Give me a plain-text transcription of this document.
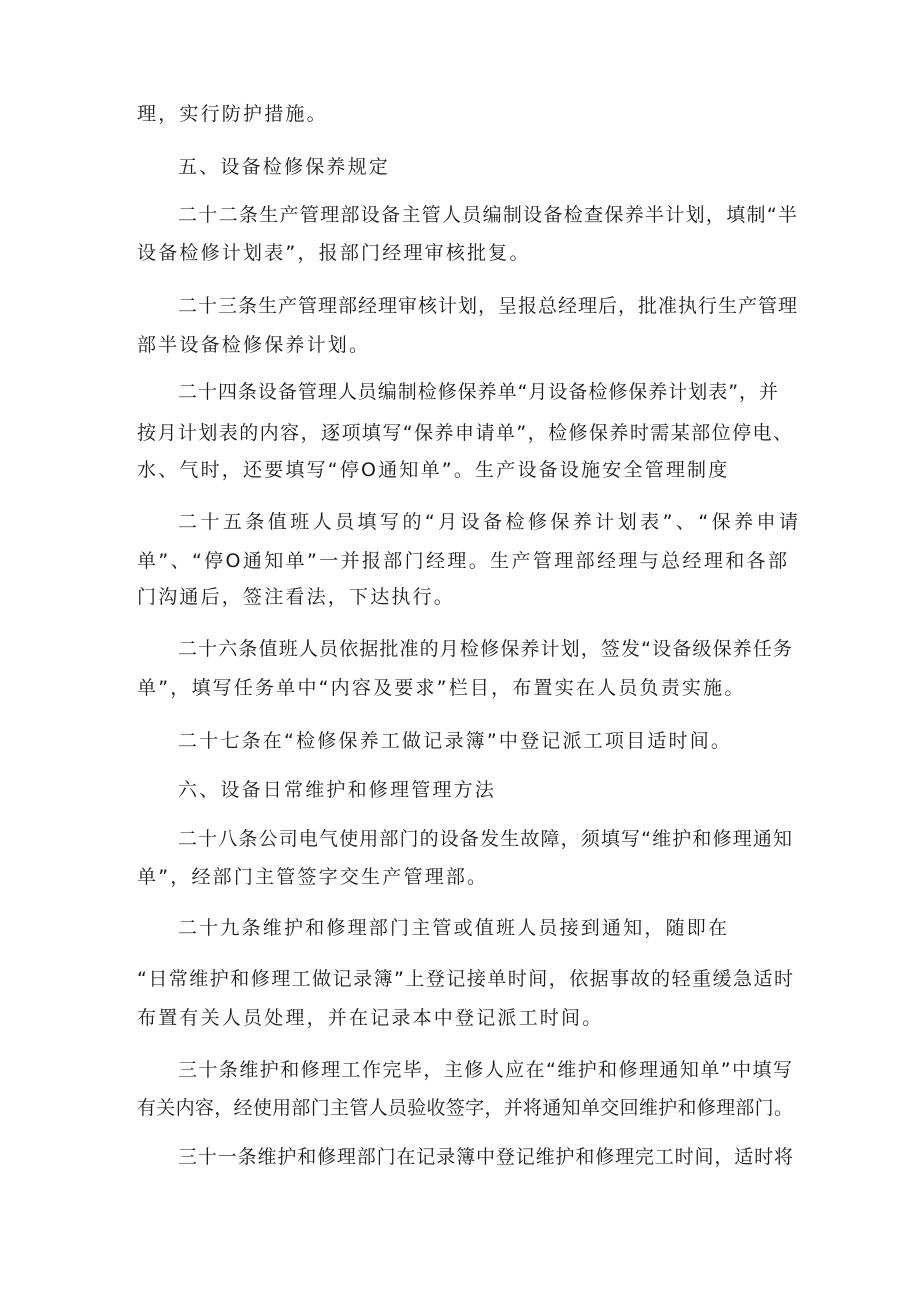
理，实行防护措施。
五、设备检修保养规定
二十二条生产管理部设备主管人员编制设备检查保养半计划，填制“半
设备检修计划表”，报部门经理审核批复。
二十三条生产管理部经理审核计划，呈报总经理后，批准执行生产管理
部半设备检修保养计划。
二十四条设备管理人员编制检修保养单“月设备检修保养计划表”，并
按月计划表的内容，逐项填写“保养申请单”，检修保养时需某部位停电、
水、气时，还要填写“停O通知单”。生产设备设施安全管理制度
二十五条值班人员填写的“月设备检修保养计划表”、“保养申请
单”、“停O通知单”一并报部门经理。生产管理部经理与总经理和各部
门沟通后，签注看法，下达执行。
二十六条值班人员依据批准的月检修保养计划，签发“设备级保养任务
单”，填写任务单中“内容及要求”栏目，布置实在人员负责实施。
二十七条在“检修保养工做记录簿”中登记派工项目适时间。
六、设备日常维护和修理管理方法
二十八条公司电气使用部门的设备发生故障，须填写“维护和修理通知
单”，经部门主管签字交生产管理部。
二十九条维护和修理部门主管或值班人员接到通知，随即在
“日常维护和修理工做记录簿”上登记接单时间，依据事故的轻重缓急适时
布置有关人员处理，并在记录本中登记派工时间。
三十条维护和修理工作完毕，主修人应在“维护和修理通知单”中填写
有关内容，经使用部门主管人员验收签字，并将通知单交回维护和修理部门。
三十一条维护和修理部门在记录簿中登记维护和修理完工时间，适时将
